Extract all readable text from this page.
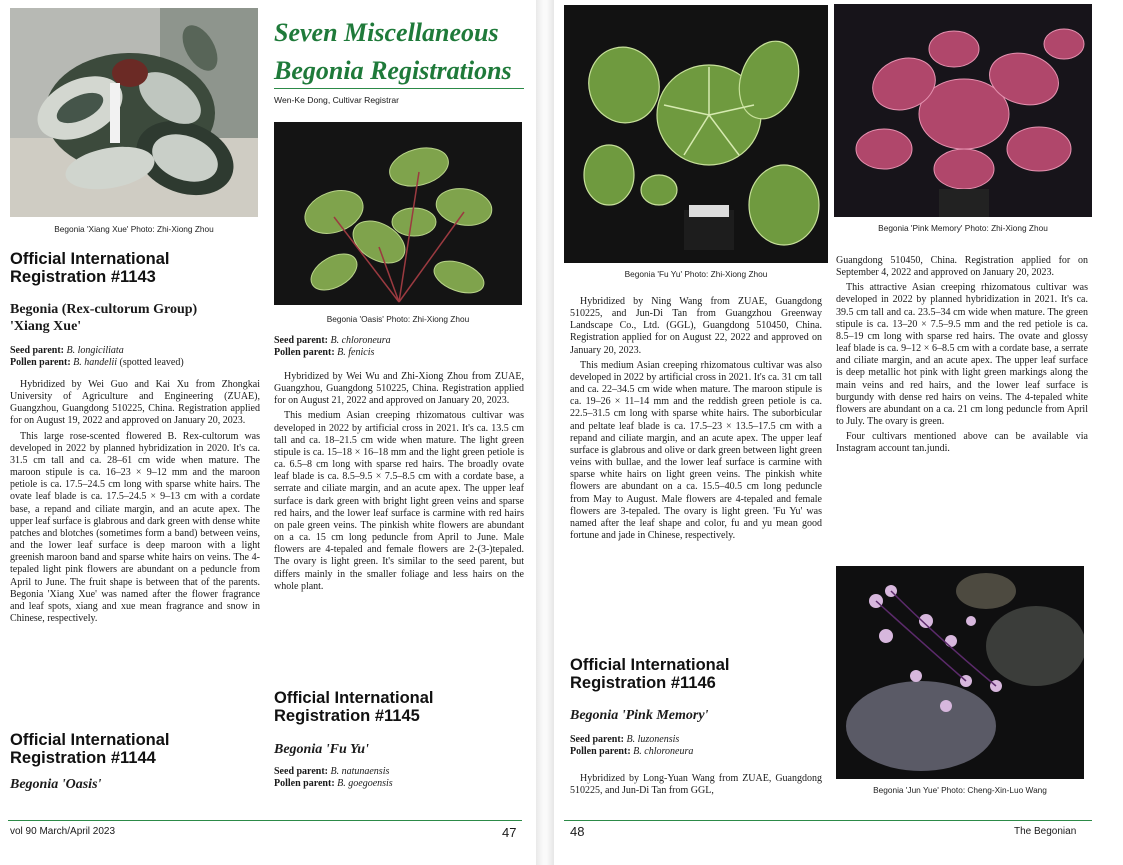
Begonia 'Xiang Xue' Photo: Zhi-Xiong Zhou
Official International
Registration #1143
Begonia (Rex-cultorum Group)
'Xiang Xue'
Seed parent: B. longiciliata
Pollen parent: B. handelii (spotted leaved)

Hybridized by Wei Guo and Kai Xu from Zhongkai University of Agriculture and Engineering (ZUAE), Guangzhou, Guangdong 510225, China. Registration applied for on August 19, 2022 and approved on January 20, 2023.

This large rose-scented flowered B. Rex-cultorum was developed in 2022 by planned hybridization in 2020. It's ca. 31.5 cm tall and ca. 28–61 cm wide when mature. The maroon stipule is ca. 16–23 × 9–12 mm and the maroon petiole is ca. 17.5–24.5 cm long with sparse white hairs. The ovate leaf blade is ca. 17.5–24.5 × 9–13 cm with a cordate base, a repand and ciliate margin, and an acute apex. The upper leaf surface is glabrous and dark green with dense white patches and blotches (sometimes form a band) between veins, and the lower leaf surface is deep maroon with a light greenish maroon band and sparse white hairs on veins. The 4-tepaled light pink flowers are abundant on a peduncle from April to June. The fruit shape is between that of the parents. Begonia 'Xiang Xue' was named after the flower fragrance and leaf spots, xiang and xue mean fragrance and snow in Chinese, respectively.

Official International
Registration #1144
Begonia 'Oasis'
Seven Miscellaneous
Begonia Registrations
Wen-Ke Dong, Cultivar Registrar
Begonia 'Oasis' Photo: Zhi-Xiong Zhou
Seed parent: B. chloroneura
Pollen parent: B. fenicis

Hybridized by Wei Wu and Zhi-Xiong Zhou from ZUAE, Guangzhou, Guangdong 510225, China. Registration applied for on August 21, 2022 and approved on January 20, 2023.

This medium Asian creeping rhizomatous cultivar was developed in 2022 by artificial cross in 2021. It's ca. 13.5 cm tall and ca. 18–21.5 cm wide when mature. The light green stipule is ca. 15–18 × 16–18 mm and the light green petiole is ca. 6.5–8 cm long with sparse red hairs. The broadly ovate leaf blade is ca. 8.5–9.5 × 7.5–8.5 cm with a cordate base, a serrate and ciliate margin, and an acute apex. The upper leaf surface is dark green with bright light green veins and sparse red hairs, and the lower leaf surface is carmine with red hairs on pale green veins. The pinkish white flowers are abundant on a ca. 15 cm long peduncle from April to June. Male flowers are 4-tepaled and female flowers are 2-(3-)tepaled. The ovary is light green. It's similar to the seed parent, but differs mainly in the smaller foliage and less hairs on the whole plant.

Official International
Registration #1145
Begonia 'Fu Yu'
Seed parent: B. natunaensis
Pollen parent: B. goegoensis
vol 90 March/April 2023	47
Begonia 'Fu Yu' Photo: Zhi-Xiong Zhou

Hybridized by Ning Wang from ZUAE, Guangdong 510225, and Jun-Di Tan from Guangzhou Greenway Landscape Co., Ltd. (GGL), Guangdong 510450, China. Registration applied for on August 22, 2022 and approved on January 20, 2023.

This medium Asian creeping rhizomatous cultivar was also developed in 2022 by artificial cross in 2021. It's ca. 31 cm tall and ca. 22–34.5 cm wide when mature. The maroon stipule is ca. 19–26 × 11–14 mm and the reddish green petiole is ca. 22.5–31.5 cm long with sparse white hairs. The suborbicular and peltate leaf blade is ca. 17.5–23 × 13.5–17.5 cm with a repand and ciliate margin, and an acute apex. The upper leaf surface is glabrous and olive or dark green between light green veins with bullae, and the lower leaf surface is carmine with sparse white hairs on light green veins. The pinkish white flowers are abundant on a ca. 15.5–40.5 cm long peduncle from May to August. Male flowers are 4-tepaled and female flowers are 3-tepaled. The ovary is light green. 'Fu Yu' was named after the leaf shape and color, fu and yu mean good fortune and jade in Chinese, respectively.

Official International
Registration #1146
Begonia 'Pink Memory'
Seed parent: B. luzonensis
Pollen parent: B. chloroneura

Hybridized by Long-Yuan Wang from ZUAE, Guangdong 510225, and Jun-Di Tan from GGL,

Begonia 'Pink Memory' Photo: Zhi-Xiong Zhou

Guangdong 510450, China. Registration applied for on September 4, 2022 and approved on January 20, 2023.

This attractive Asian creeping rhizomatous cultivar was developed in 2022 by planned hybridization in 2021. It's ca. 39.5 cm tall and ca. 23.5–34 cm wide when mature. The green stipule is ca. 13–20 × 7.5–9.5 mm and the red petiole is ca. 8.5–19 cm long with sparse red hairs. The ovate and glossy leaf blade is ca. 9–12 × 6–8.5 cm with a cordate base, a serrate and ciliate margin, and an acute apex. The upper leaf surface is deep metallic hot pink with light green markings along the main veins and red hairs, and the lower leaf surface is burgundy with dense red hairs on veins. The 4-tepaled white flowers are abundant on a ca. 21 cm long peduncle from April to July. The ovary is green.

Four cultivars mentioned above can be available via Instagram account tan.jundi.

Begonia 'Jun Yue' Photo: Cheng-Xin-Luo Wang
48	The Begonian
